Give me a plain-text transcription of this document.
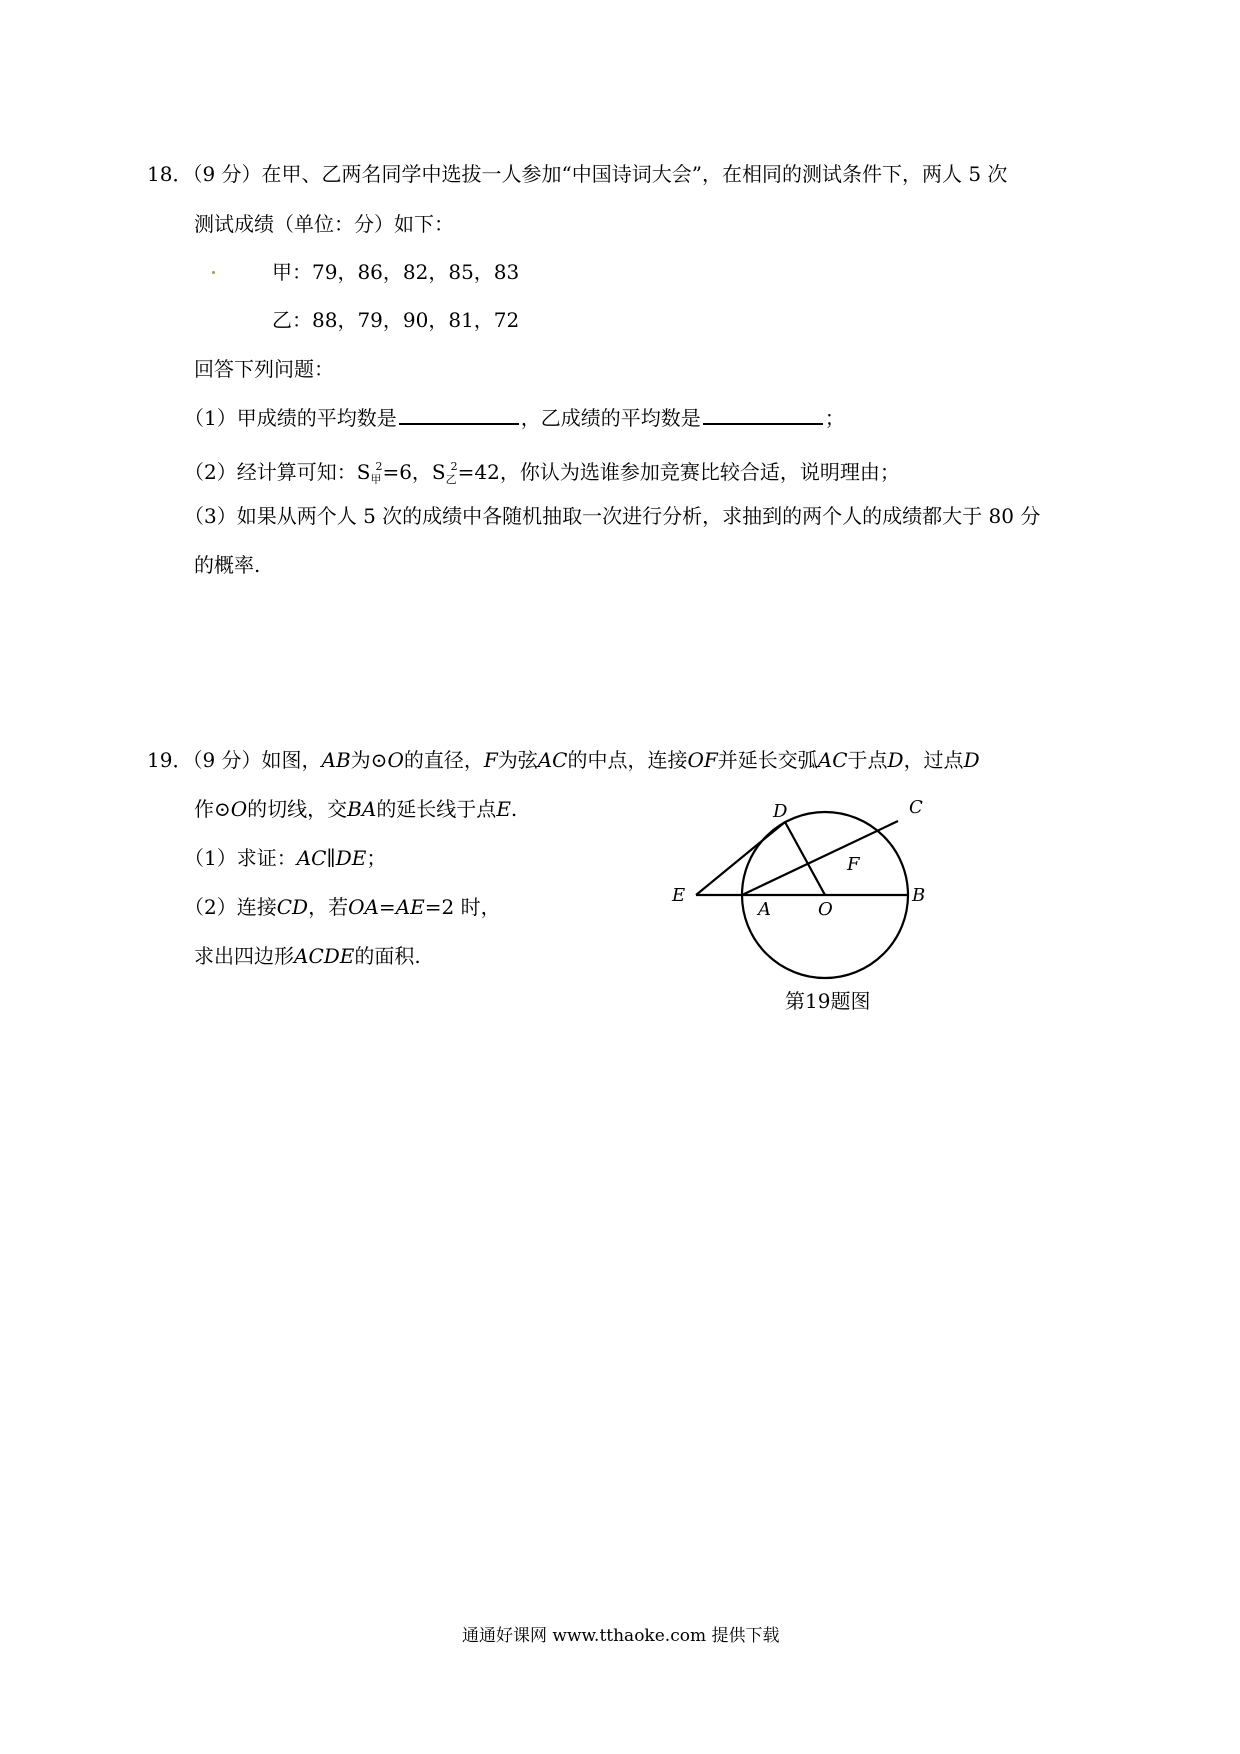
18．（9 分）在甲、乙两名同学中选拔一人参加“中国诗词大会”，在相同的测试条件下，两人 5 次
测试成绩（单位：分）如下：
甲：79，86，82，85，83
乙：88，79，90，81，72
回答下列问题：
（1）甲成绩的平均数是	，乙成绩的平均数是	；
（2）经计算可知：$S_甲^2=6$，$S_乙^2=42$，你认为选谁参加竞赛比较合适，说明理由；
（3）如果从两个人 5 次的成绩中各随机抽取一次进行分析，求抽到的两个人的成绩都大于 80 分
的概率.
19．（9 分）如图，AB为⊙O的直径，F为弦AC的中点，连接OF并延长交弧AC于点D，过点D
作⊙O的切线，交BA的延长线于点E.
（1）求证：AC∥DE；
（2）连接CD，若OA=AE=2 时，
求出四边形ACDE的面积.
D	C
F
E
A	O
B
第19题图
通通好课网 www.tthaoke.com 提供下载
